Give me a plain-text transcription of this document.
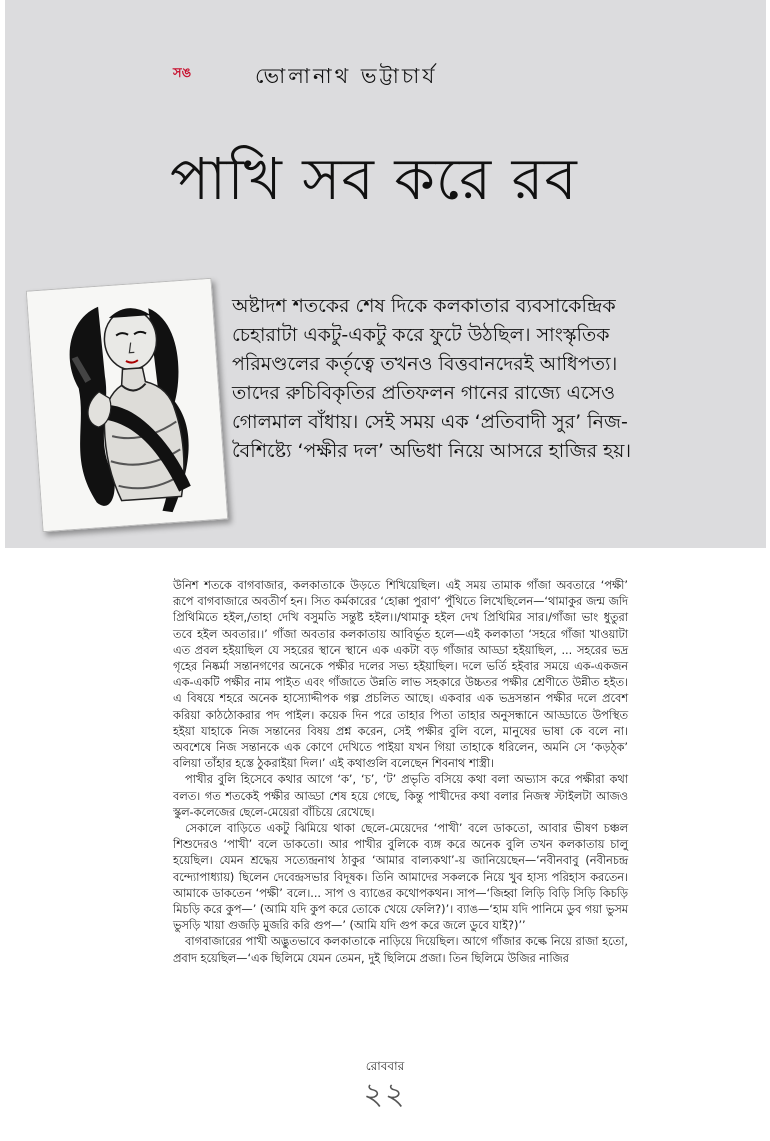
সঙ	ভোলানাথ ভট্টাচার্য
পাখি সব করে রব
অষ্টাদশ শতকের শেষ দিকে কলকাতার ব্যবসাকেন্দ্রিক চেহারাটা একটু-একটু করে ফুটে উঠছিল। সাংস্কৃতিক পরিমণ্ডলের কর্তৃত্বে তখনও বিত্তবানদেরই আধিপত্য। তাদের রুচিবিকৃতির প্রতিফলন গানের রাজ্যে এসেও গোলমাল বাঁধায়। সেই সময় এক ‘প্রতিবাদী সুর’ নিজ-বৈশিষ্ট্যে ‘পক্ষীর দল’ অভিধা নিয়ে আসরে হাজির হয়।

উনিশ শতকে বাগবাজার, কলকাতাকে উড়তে শিখিয়েছিল। এই সময় তামাক গাঁজা অবতারে ‘পক্ষী’ রূপে বাগবাজারে অবতীর্ণ হন। সিত কর্মকারের ‘হোক্কা পুরাণ’ পুঁথিতে লিখেছিলেন—‘থামাকুর জন্ম জদি প্রিথিমিতে হইল,/তাহা দেখি বসুমতি সন্তুষ্ট হইল।।/থামাকু হইল দেখ প্রিথিমির সার।/গাঁজা ভাং ধুতুরা তবে হইল অবতার।।’ গাঁজা অবতার কলকাতায় আবির্ভূত হলে—এই কলকাতা ‘সহরে গাঁজা খাওয়াটা এত প্রবল হইয়াছিল যে সহরের স্থানে স্থানে এক একটা বড় গাঁজার আড্ডা হইয়াছিল, ... সহরের ভদ্র গৃহের নিষ্কর্মা সন্তানগণের অনেকে পক্ষীর দলের সভ্য হইয়াছিল। দলে ভর্তি হইবার সময়ে এক-একজন এক-একটি পক্ষীর নাম পাইত এবং গাঁজাতে উন্নতি লাভ সহকারে উচ্চতর পক্ষীর শ্রেণীতে উন্নীত হইত। এ বিষয়ে শহরে অনেক হাস্যোদ্দীপক গল্প প্রচলিত আছে। একবার এক ভদ্রসন্তান পক্ষীর দলে প্রবেশ করিয়া কাঠঠোকরার পদ পাইল। কয়েক দিন পরে তাহার পিতা তাহার অনুসন্ধানে আড্ডাতে উপস্থিত হইয়া যাহাকে নিজ সন্তানের বিষয় প্রশ্ন করেন, সেই পক্ষীর বুলি বলে, মানুষের ভাষা কে বলে না। অবশেষে নিজ সন্তানকে এক কোণে দেখিতে পাইয়া যখন গিয়া তাহাকে ধরিলেন, অমনি সে ‘কড়ঠ্‌ক’ বলিয়া তাঁহার হস্তে ঠুকরাইয়া দিল।’ এই কথাগুলি বলেছেন শিবনাথ শাস্ত্রী।

পাখীর বুলি হিসেবে কথার আগে ‘ক’, ‘চ’, ‘ট’ প্রভৃতি বসিয়ে কথা বলা অভ্যাস করে পক্ষীরা কথা বলত। গত শতকেই পক্ষীর আড্ডা শেষ হয়ে গেছে, কিন্তু পাখীদের কথা বলার নিজস্ব স্টাইলটা আজও স্কুল-কলেজের ছেলে-মেয়েরা বাঁচিয়ে রেখেছে।

সেকালে বাড়িতে একটু ঝিমিয়ে থাকা ছেলে-মেয়েদের ‘পাখী’ বলে ডাকতো, আবার ভীষণ চঞ্চল শিশুদেরও ‘পাখী’ বলে ডাকতো। আর পাখীর বুলিকে ব্যঙ্গ করে অনেক বুলি তখন কলকাতায় চালু হয়েছিল। যেমন শ্রদ্ধেয় সত্যেন্দ্রনাথ ঠাকুর ‘আমার বাল্যকথা’-য় জানিয়েছেন—‘নবীনবাবু (নবীনচন্দ্র বন্দ্যোপাধ্যায়) ছিলেন দেবেন্দ্রসভার বিদূষক। তিনি আমাদের সকলকে নিয়ে খুব হাস্য পরিহাস করতেন। আমাকে ডাকতেন ‘পক্ষী’ বলে।... সাপ ও ব্যাঙের কথোপকথন। সাপ—‘জিহ্বা লিড়ি বিড়ি সিড়ি কিচড়ি মিচড়ি করে কুপ—’ (আমি যদি কুপ করে তোকে খেয়ে ফেলি?)’। ব্যাঙ—‘হাম যদি পানিমে ডুব গয়া ভুসম ভুসড়ি খায়া গুজড়ি মুজরি করি গুপ—’ (আমি যদি গুপ করে জলে ডুবে যাই?)’’

বাগবাজারের পাখী অদ্ভুতভাবে কলকাতাকে নাড়িয়ে দিয়েছিল। আগে গাঁজার কল্কে নিয়ে রাজা হতো, প্রবাদ হয়েছিল—‘এক ছিলিমে যেমন তেমন, দুই ছিলিমে প্রজা। তিন ছিলিমে উজির নাজির

রোববার
২২
